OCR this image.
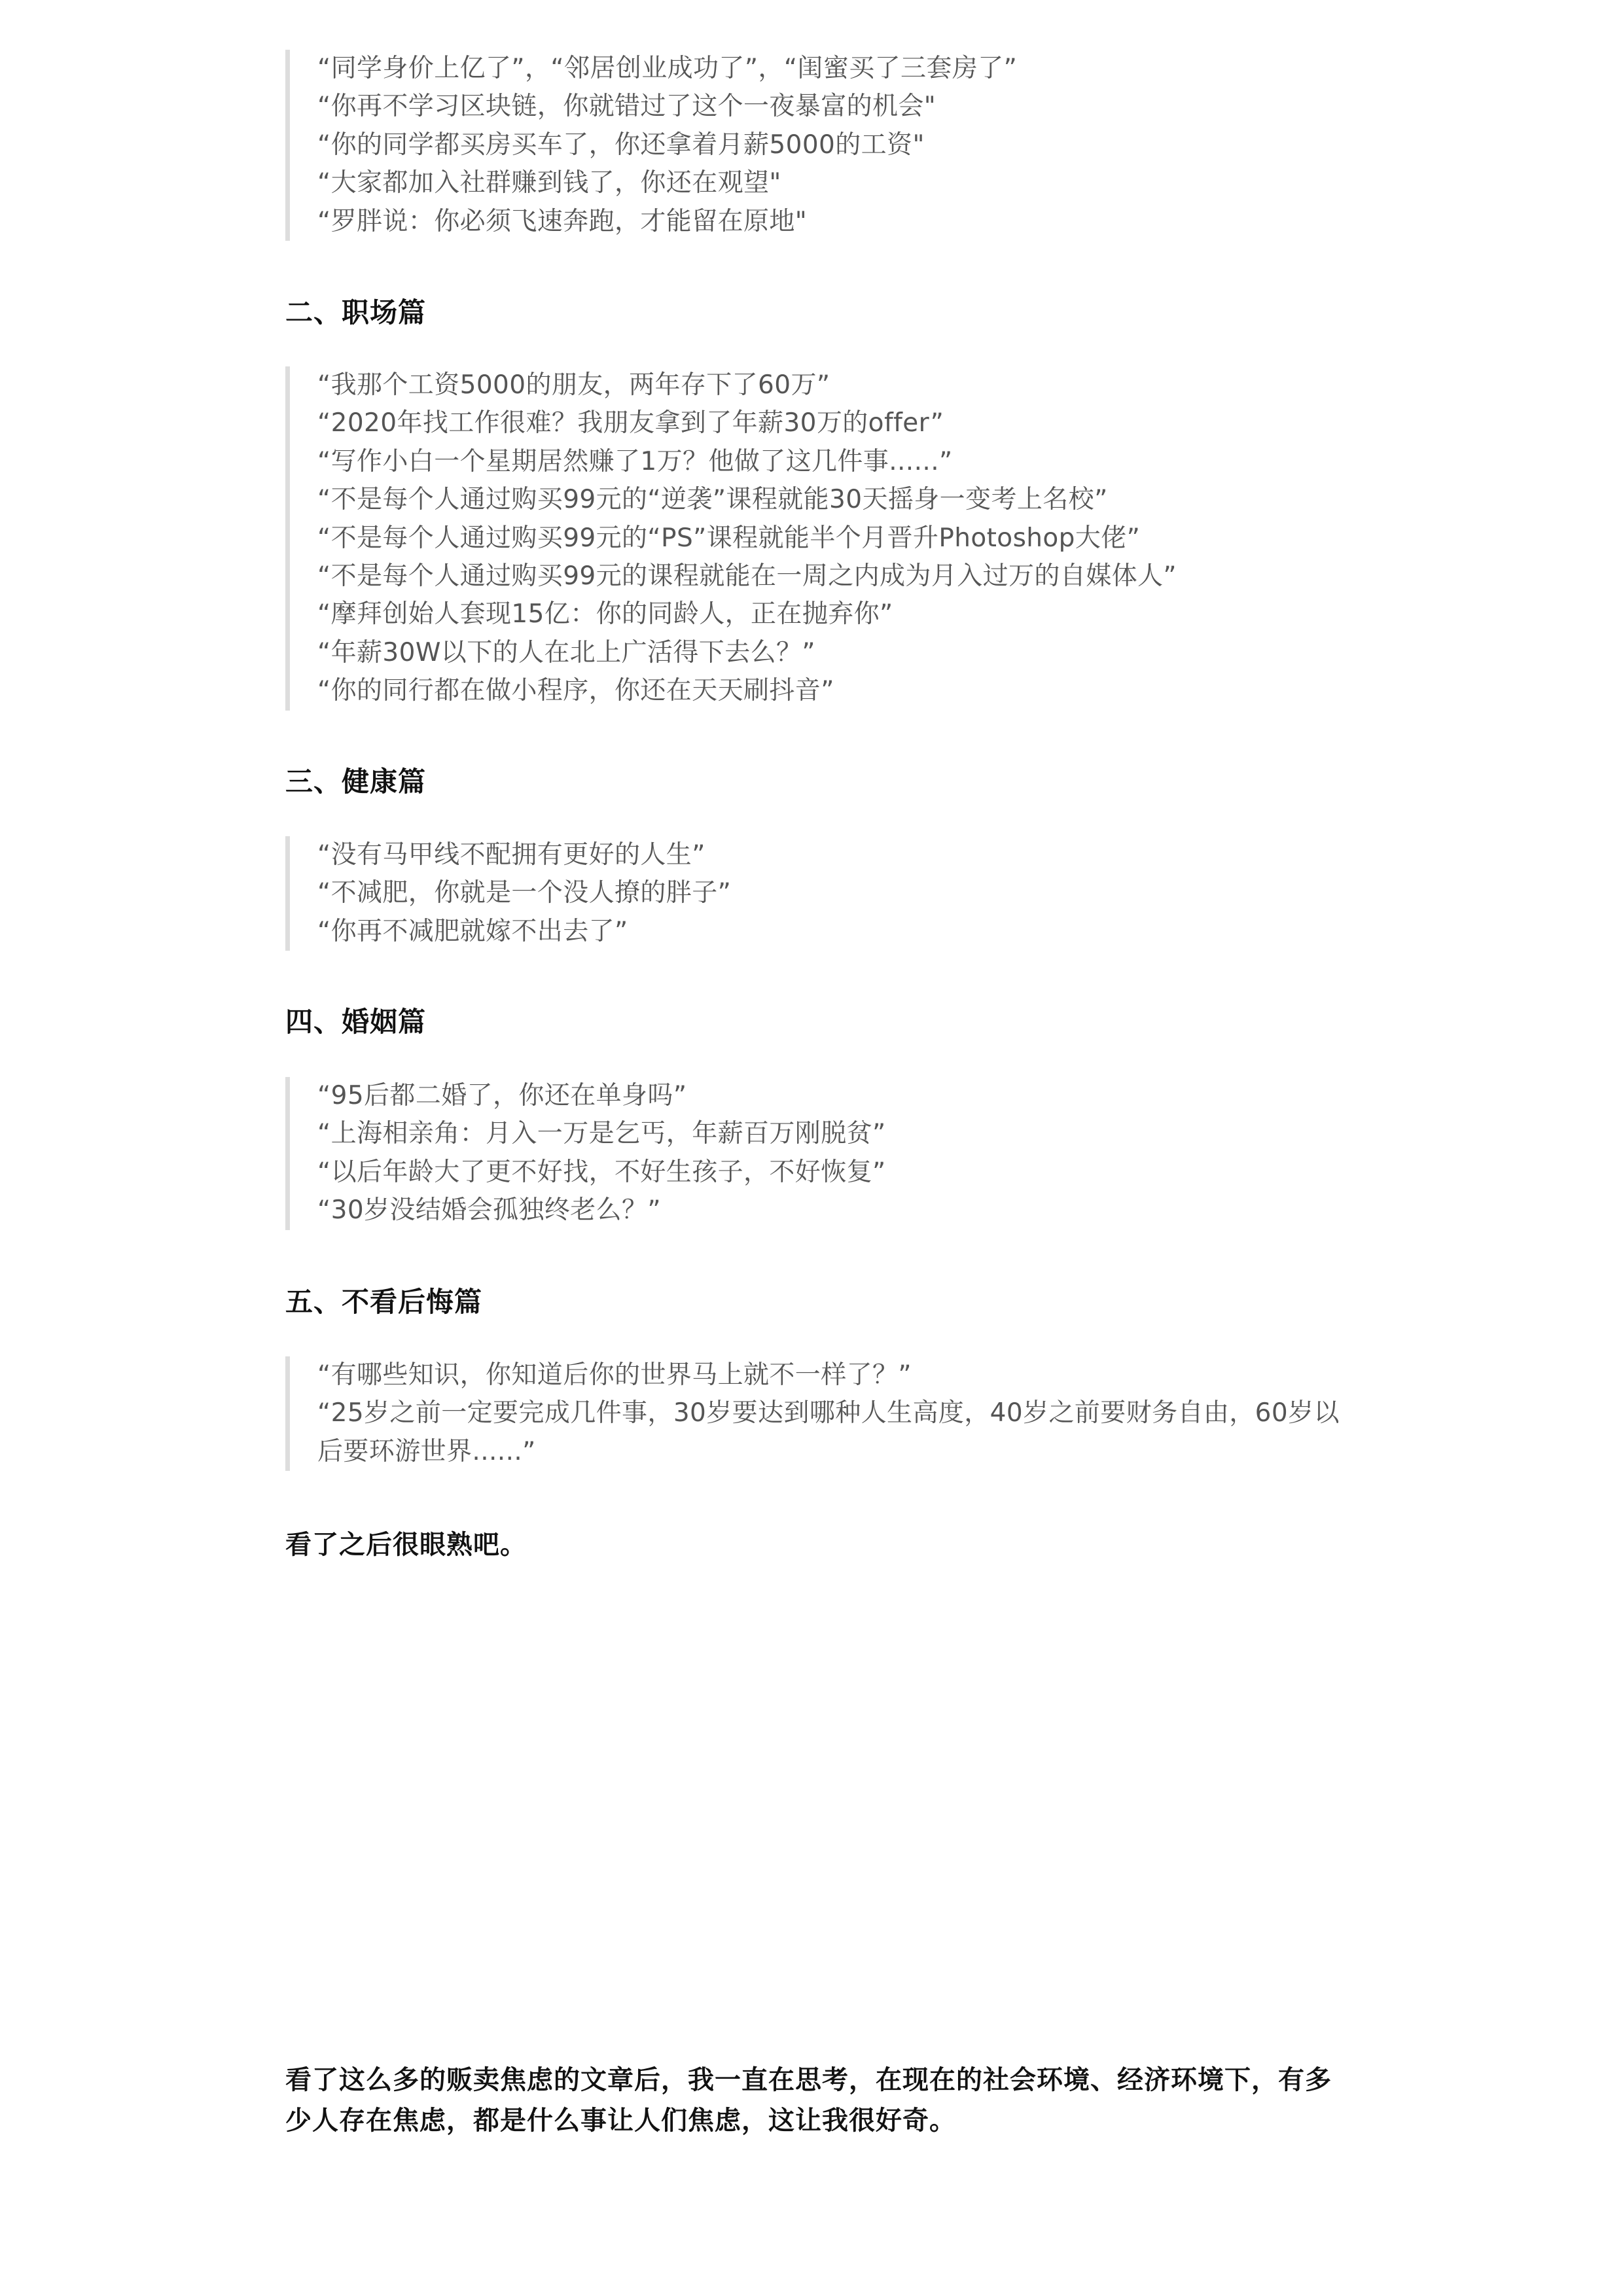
“同学身价上亿了”，“邻居创业成功了”，“闺蜜买了三套房了”
“你再不学习区块链，你就错过了这个一夜暴富的机会"
“你的同学都买房买车了，你还拿着月薪5000的工资"
“大家都加入社群赚到钱了，你还在观望"
“罗胖说：你必须飞速奔跑，才能留在原地"
二、职场篇
“我那个工资5000的朋友，两年存下了60万”
“2020年找工作很难？我朋友拿到了年薪30万的offer”
“写作小白一个星期居然赚了1万？他做了这几件事......”
“不是每个人通过购买99元的“逆袭”课程就能30天摇身一变考上名校”
“不是每个人通过购买99元的“PS”课程就能半个月晋升Photoshop大佬”
“不是每个人通过购买99元的课程就能在一周之内成为月入过万的自媒体人”
“摩拜创始人套现15亿：你的同龄人，正在抛弃你”
“年薪30W以下的人在北上广活得下去么？”
“你的同行都在做小程序，你还在天天刷抖音”
三、健康篇
“没有马甲线不配拥有更好的人生”
“不减肥，你就是一个没人撩的胖子”
“你再不减肥就嫁不出去了”
四、婚姻篇
“95后都二婚了，你还在单身吗”
“上海相亲角：月入一万是乞丐，年薪百万刚脱贫”
“以后年龄大了更不好找，不好生孩子，不好恢复”
“30岁没结婚会孤独终老么？”
五、不看后悔篇
“有哪些知识，你知道后你的世界马上就不一样了？”
“25岁之前一定要完成几件事，30岁要达到哪种人生高度，40岁之前要财务自由，60岁以后要环游世界......”
看了之后很眼熟吧。
看了这么多的贩卖焦虑的文章后，我一直在思考，在现在的社会环境、经济环境下，有多少人存在焦虑，都是什么事让人们焦虑，这让我很好奇。
